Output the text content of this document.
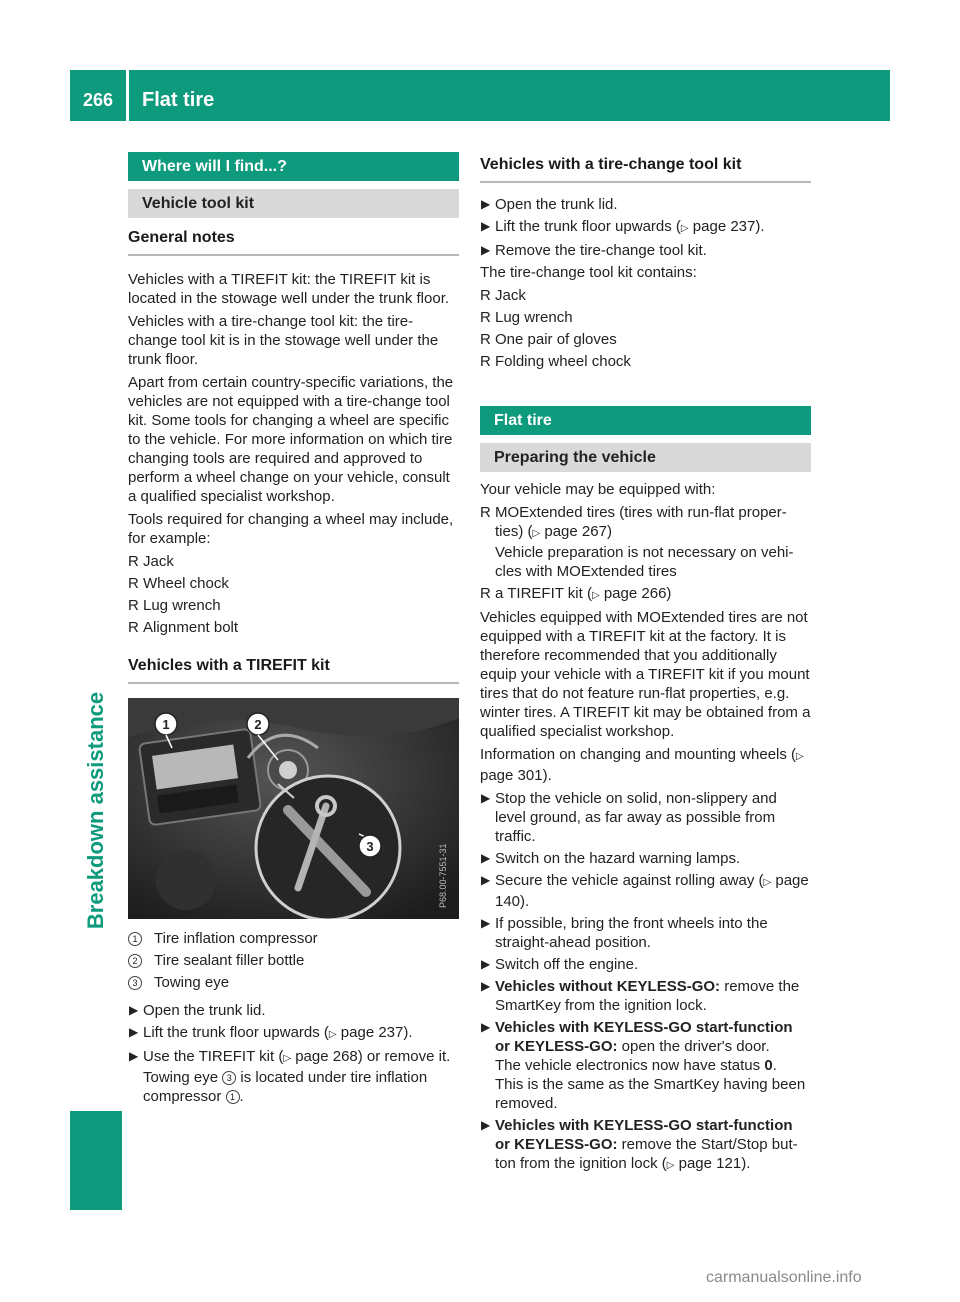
266	Flat tire
Breakdown assistance
Where will I find...?
Vehicle tool kit
General notes

Vehicles with a TIREFIT kit: the TIREFIT kit is located in the stowage well under the trunk floor.

Vehicles with a tire-change tool kit: the tire-change tool kit is in the stowage well under the trunk floor.

Apart from certain country-specific variations, the vehicles are not equipped with a tire-change tool kit. Some tools for changing a wheel are specific to the vehicle. For more information on which tire changing tools are required and approved to perform a wheel change on your vehicle, consult a qualified specialist workshop.

Tools required for changing a wheel may include, for example:

R Jack
R Wheel chock
R Lug wrench
R Alignment bolt
Vehicles with a TIREFIT kit
1	2
3	P68.00-7551-31
1	Tire inflation compressor
2	Tire sealant filler bottle
3	Towing eye
▶ Open the trunk lid.
▶ Lift the trunk floor upwards (▷ page 237).
▶ Use the TIREFIT kit (▷ page 268) or remove it. Towing eye 3 is located under tire inflation compressor 1 .
Vehicles with a tire-change tool kit
▶ Open the trunk lid.
▶ Lift the trunk floor upwards (▷ page 237).
▶ Remove the tire-change tool kit.

The tire-change tool kit contains:

R Jack
R Lug wrench
R One pair of gloves
R Folding wheel chock
Flat tire
Preparing the vehicle

Your vehicle may be equipped with:

R MOExtended tires (tires with run-flat proper-ties) (▷ page 267)
Vehicle preparation is not necessary on vehi-cles with MOExtended tires
R a TIREFIT kit (▷ page 266)

Vehicles equipped with MOExtended tires are not equipped with a TIREFIT kit at the factory. It is therefore recommended that you additionally equip your vehicle with a TIREFIT kit if you mount tires that do not feature run-flat properties, e.g. winter tires. A TIREFIT kit may be obtained from a qualified specialist workshop.

Information on changing and mounting wheels (▷ page 301).

▶ Stop the vehicle on solid, non-slippery and level ground, as far away as possible from traffic.
▶ Switch on the hazard warning lamps.
▶ Secure the vehicle against rolling away (▷ page 140).
▶ If possible, bring the front wheels into the straight-ahead position.
▶ Switch off the engine.
▶ Vehicles without KEYLESS-GO: remove the SmartKey from the ignition lock.
▶ Vehicles with KEYLESS-GO start-function or KEYLESS-GO: open the driver's door.
The vehicle electronics now have status 0.
This is the same as the SmartKey having been removed.
▶ Vehicles with KEYLESS-GO start-function or KEYLESS-GO: remove the Start/Stop but-ton from the ignition lock (▷ page 121).
carmanualsonline.info
